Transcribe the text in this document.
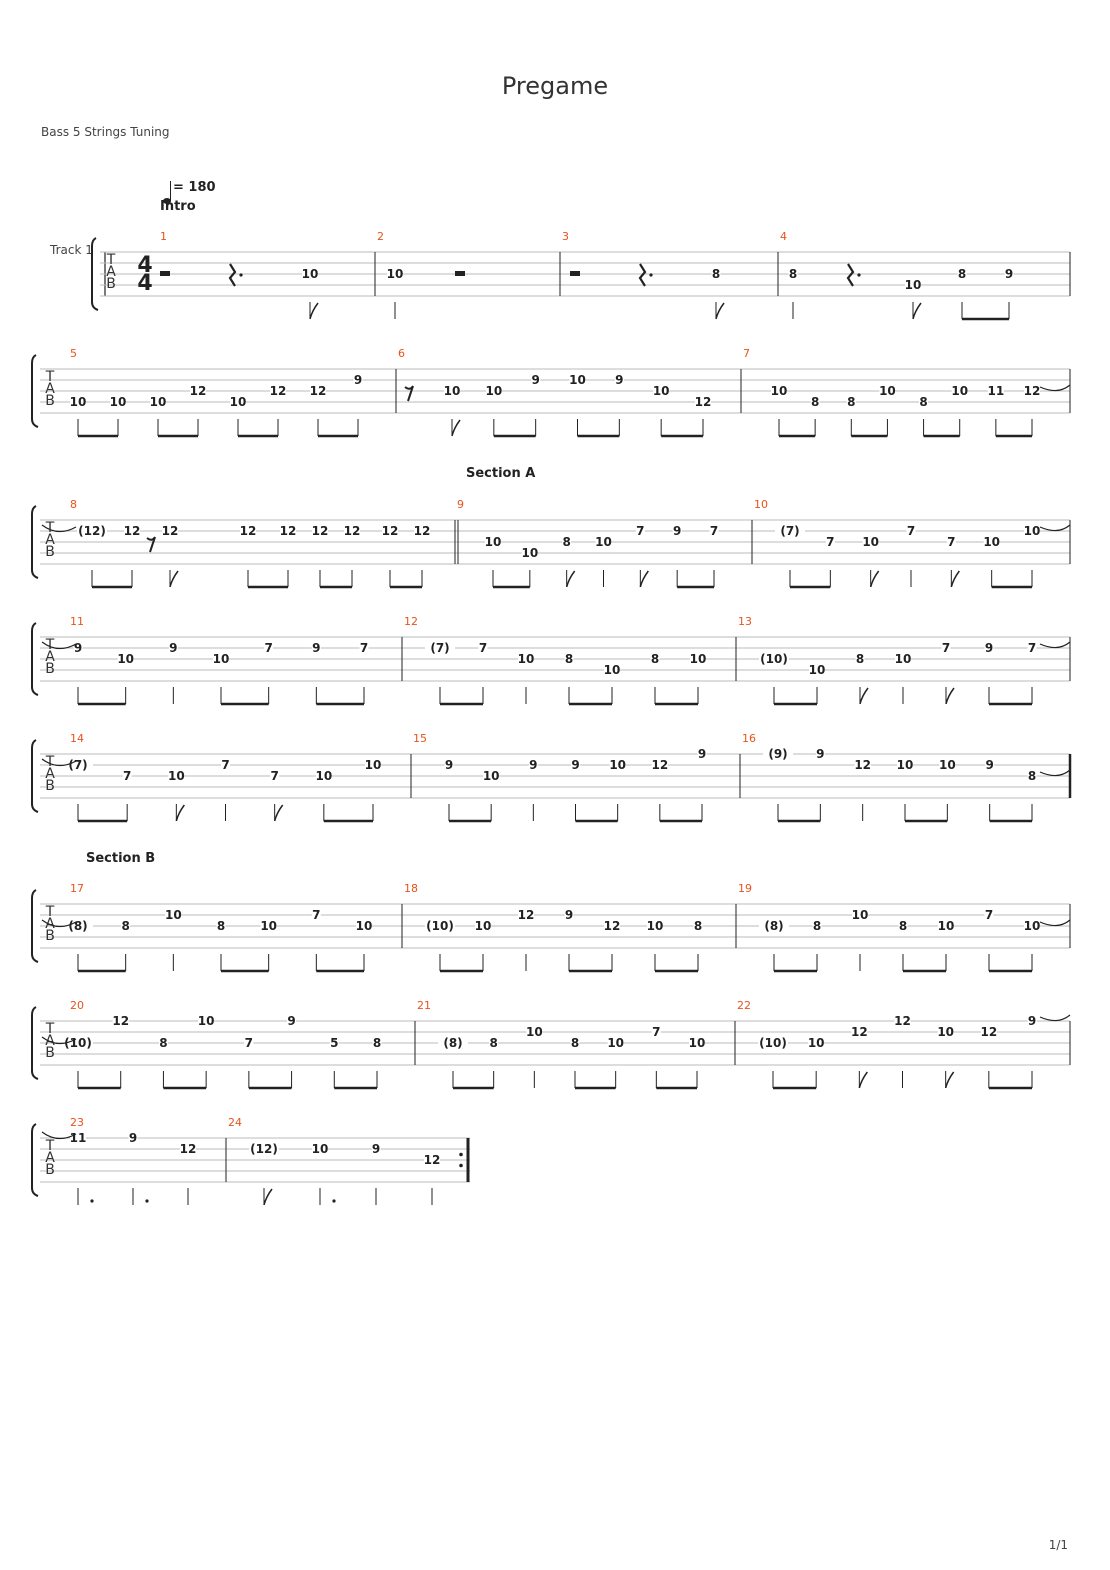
Pregame
Bass 5 Strings Tuning
= 180
Intro
Track 1
Section A
Section B
1/1
T
A
B
4
4
1
10
2
10
3
8
4
8
10
8	9
T
A
B
5
10 10 10
12
10
12 12
9
6
10 10
9 10 9
10
12
7
10
8 8
10
8
10 11 12
T
A
B
8
(12) 12 12	12 12 12 12 12 12
9
10
10
8 10
7 9 7
10
(7)
7 10
7
7 10
10
T
A
B
11
9
10
9
10
7	9	7
12
(7) 7
10	8
10
8	10
13
(10)
10
8	10
7	9	7
T
A
B
14
(7)
7	10
7
7	10
10
15
9
10
9	9 10 12
9
16
(9) 9
12 10 10 9
8
T
A
B
17
(8)	8
10
8	10
7
10
18
(10) 10
12	9
12 10	8
19
(8) 8
10
8	10
7
10
T
A
B
20
(10)
12
8
10
7
9
5	8
21
(8) 8
10
8 10
7
10
22
(10) 10
12
12
10 12
9
T
A
B
23
11	9
12
24
(12)	10	9
12
